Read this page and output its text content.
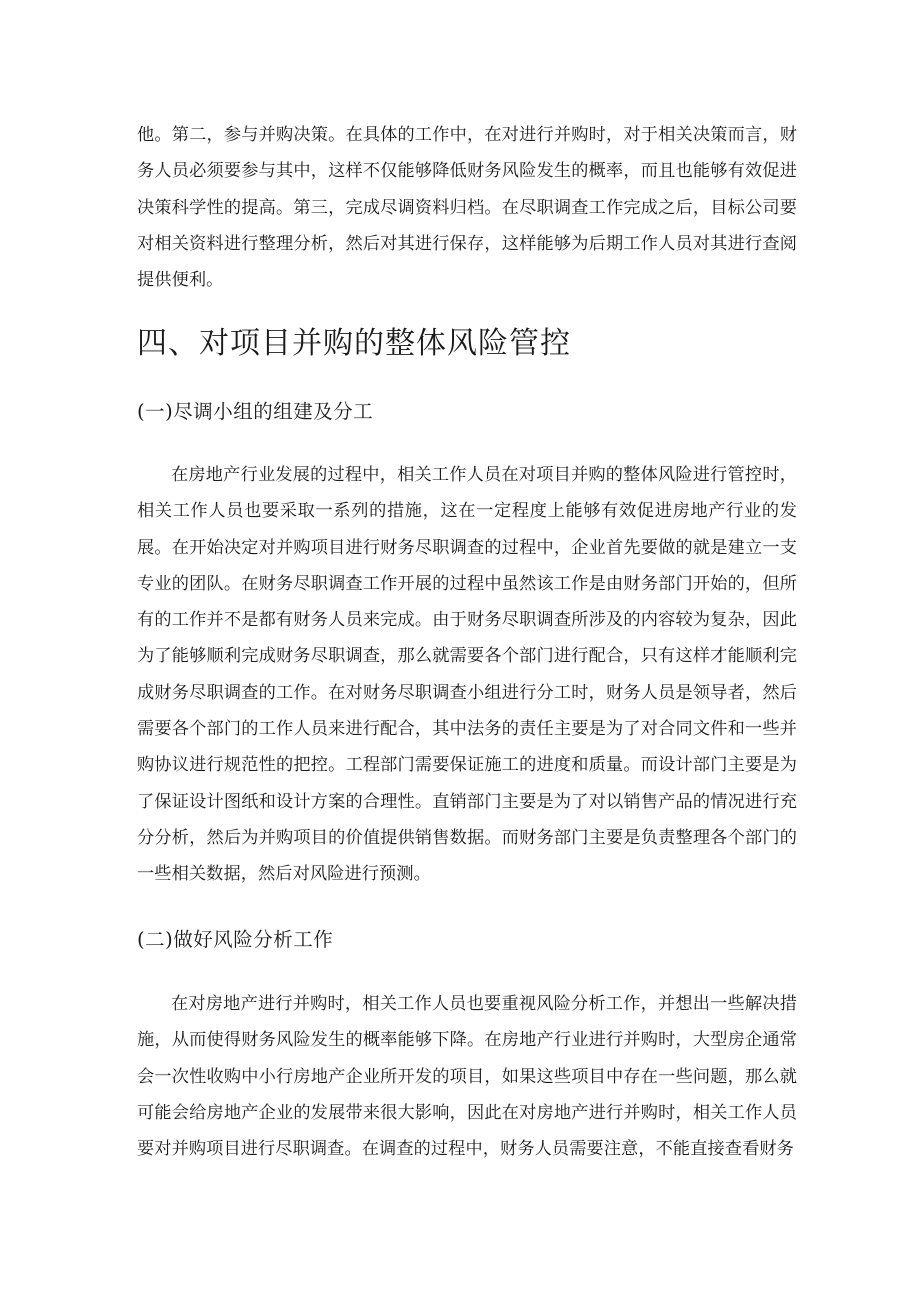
他。第二，参与并购决策。在具体的工作中，在对进行并购时，对于相关决策而言，财务人员必须要参与其中，这样不仅能够降低财务风险发生的概率，而且也能够有效促进决策科学性的提高。第三，完成尽调资料归档。在尽职调查工作完成之后，目标公司要对相关资料进行整理分析，然后对其进行保存，这样能够为后期工作人员对其进行查阅提供便利。

四、对项目并购的整体风险管控
(一)尽调小组的组建及分工

在房地产行业发展的过程中，相关工作人员在对项目并购的整体风险进行管控时，相关工作人员也要采取一系列的措施，这在一定程度上能够有效促进房地产行业的发展。在开始决定对并购项目进行财务尽职调查的过程中，企业首先要做的就是建立一支专业的团队。在财务尽职调查工作开展的过程中虽然该工作是由财务部门开始的，但所有的工作并不是都有财务人员来完成。由于财务尽职调查所涉及的内容较为复杂，因此为了能够顺利完成财务尽职调查，那么就需要各个部门进行配合，只有这样才能顺利完成财务尽职调查的工作。在对财务尽职调查小组进行分工时，财务人员是领导者，然后需要各个部门的工作人员来进行配合，其中法务的责任主要是为了对合同文件和一些并购协议进行规范性的把控。工程部门需要保证施工的进度和质量。而设计部门主要是为了保证设计图纸和设计方案的合理性。直销部门主要是为了对以销售产品的情况进行充分分析，然后为并购项目的价值提供销售数据。而财务部门主要是负责整理各个部门的一些相关数据，然后对风险进行预测。

(二)做好风险分析工作

在对房地产进行并购时，相关工作人员也要重视风险分析工作，并想出一些解决措施，从而使得财务风险发生的概率能够下降。在房地产行业进行并购时，大型房企通常会一次性收购中小行房地产企业所开发的项目，如果这些项目中存在一些问题，那么就可能会给房地产企业的发展带来很大影响，因此在对房地产进行并购时，相关工作人员要对并购项目进行尽职调查。在调查的过程中，财务人员需要注意，不能直接查看财务
